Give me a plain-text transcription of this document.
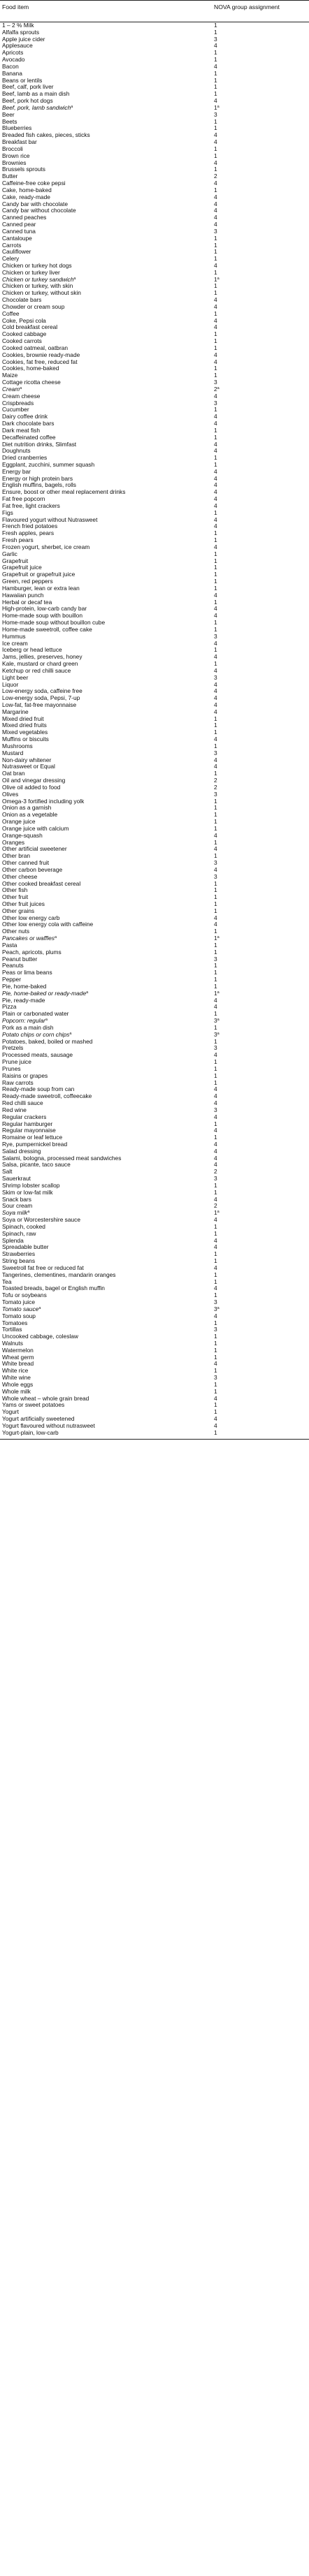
Food item	NOVA group assignment
1 – 2 % Milk	1
Alfalfa sprouts	1
Apple juice cider	3
Applesauce	4
Apricots	1
Avocado	1
Bacon	4
Banana	1
Beans or lentils	1
Beef, calf, pork liver	1
Beef, lamb as a main dish	1
Beef, pork hot dogs	4
Beef, pork, lamb sandwich$^a$	1$^a$
Beer	3
Beets	1
Blueberries	1
Breaded fish cakes, pieces, sticks	4
Breakfast bar	4
Broccoli	1
Brown rice	1
Brownies	4
Brussels sprouts	1
Butter	2
Caffeine-free coke pepsi	4
Cake, home-baked	1
Cake, ready-made	4
Candy bar with chocolate	4
Candy bar without chocolate	4
Canned peaches	4
Canned pear	4
Canned tuna	3
Cantaloupe	1
Carrots	1
Cauliflower	1
Celery	1
Chicken or turkey hot dogs	4
Chicken or turkey liver	1
Chicken or turkey sandwich$^a$	1$^a$
Chicken or turkey, with skin	1
Chicken or turkey, without skin	1
Chocolate bars	4
Chowder or cream soup	4
Coffee	1
Coke, Pepsi cola	4
Cold breakfast cereal	4
Cooked cabbage	1
Cooked carrots	1
Cooked oatmeal, oatbran	1
Cookies, brownie ready-made	4
Cookies, fat free, reduced fat	4
Cookies, home-baked	1
Maize	1
Cottage ricotta cheese	3
Cream$^a$	2$^a$
Cream cheese	4
Crispbreads	3
Cucumber	1
Dairy coffee drink	4
Dark chocolate bars	4
Dark meat fish	1
Decaffeinated coffee	1
Diet nutrition drinks, Slimfast	4
Doughnuts	4
Dried cranberries	1
Eggplant, zucchini, summer squash	1
Energy bar	4
Energy or high protein bars	4
English muffins, bagels, rolls	4
Ensure, boost or other meal replacement drinks	4
Fat free popcorn	4
Fat free, light crackers	4
Figs	1
Flavoured yogurt without Nutrasweet	4
French fried potatoes	4
Fresh apples, pears	1
Fresh pears	1
Frozen yogurt, sherbet, ice cream	4
Garlic	1
Grapefruit	1
Grapefruit juice	1
Grapefruit or grapefruit juice	1
Green, red peppers	1
Hamburger, lean or extra lean	1
Hawaiian punch	4
Herbal or decaf tea	1
High-protein, low-carb candy bar	4
Home-made soup with bouillon	4
Home-made soup without bouillon cube	1
Home-made sweetroll, coffee cake	1
Hummus	3
Ice cream	4
Iceberg or head lettuce	1
Jams, jellies, preserves, honey	4
Kale, mustard or chard green	1
Ketchup or red chilli sauce	4
Light beer	3
Liquor	4
Low-energy soda, caffeine free	4
Low-energy soda, Pepsi, 7-up	4
Low-fat, fat-free mayonnaise	4
Margarine	4
Mixed dried fruit	1
Mixed dried fruits	1
Mixed vegetables	1
Muffins or biscuits	4
Mushrooms	1
Mustard	3
Non-dairy whitener	4
Nutrasweet or Equal	4
Oat bran	1
Oil and vinegar dressing	2
Olive oil added to food	2
Olives	3
Omega-3 fortified including yolk	1
Onion as a garnish	1
Onion as a vegetable	1
Orange juice	1
Orange juice with calcium	1
Orange-squash	4
Oranges	1
Other artificial sweetener	4
Other bran	1
Other canned fruit	3
Other carbon beverage	4
Other cheese	3
Other cooked breakfast cereal	1
Other fish	1
Other fruit	1
Other fruit juices	1
Other grains	1
Other low energy carb	4
Other low energy cola with caffeine	4
Other nuts	1
Pancakes or waffles$^a$	1$^a$
Pasta	1
Peach, apricots, plums	1
Peanut butter	3
Peanuts	1
Peas or lima beans	1
Pepper	1
Pie, home-baked	1
Pie, home-baked or ready-made$^a$	1$^a$
Pie, ready-made	4
Pizza	4
Plain or carbonated water	1
Popcorn: regular$^a$	3$^a$
Pork as a main dish	1
Potato chips or corn chips$^a$	3$^a$
Potatoes, baked, boiled or mashed	1
Pretzels	3
Processed meats, sausage	4
Prune juice	1
Prunes	1
Raisins or grapes	1
Raw carrots	1
Ready-made soup from can	4
Ready-made sweetroll, coffeecake	4
Red chilli sauce	4
Red wine	3
Regular crackers	4
Regular hamburger	1
Regular mayonnaise	4
Romaine or leaf lettuce	1
Rye, pumpernickel bread	4
Salad dressing	4
Salami, bologna, processed meat sandwiches	4
Salsa, picante, taco sauce	4
Salt	2
Sauerkraut	3
Shrimp lobster scallop	1
Skim or low-fat milk	1
Snack bars	4
Sour cream	2
Soya milk$^a$	1$^a$
Soya or Worcestershire sauce	4
Spinach, cooked	1
Spinach, raw	1
Splenda	4
Spreadable butter	4
Strawberries	1
String beans	1
Sweetroll fat free or reduced fat	4
Tangerines, clementines, mandarin oranges	1
Tea	1
Toasted breads, bagel or English muffin	4
Tofu or soybeans	1
Tomato juice	3
Tomato sauce$^a$	3$^a$
Tomato soup	4
Tomatoes	1
Tortillas	3
Uncooked cabbage, coleslaw	1
Walnuts	1
Watermelon	1
Wheat germ	1
White bread	4
White rice	1
White wine	3
Whole eggs	1
Whole milk	1
Whole wheat – whole grain bread	4
Yams or sweet potatoes	1
Yogurt	1
Yogurt artificially sweetened	4
Yogurt flavoured without nutrasweet	4
Yogurt-plain, low-carb	1
